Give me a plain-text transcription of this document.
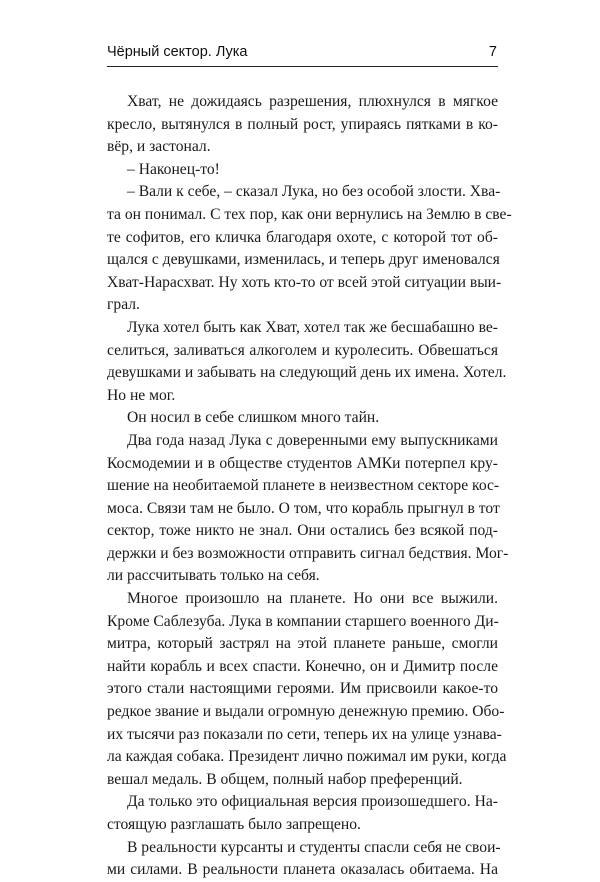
Чёрный сектор. Лука	7
Хват, не дожидаясь разрешения, плюхнулся в мягкое
кресло, вытянулся в полный рост, упираясь пятками в ко-
вёр, и застонал.
– Наконец-то!
– Вали к себе, – сказал Лука, но без особой злости. Хва-
та он понимал. С тех пор, как они вернулись на Землю в све-
те софитов, его кличка благодаря охоте, с которой тот об-
щался с девушками, изменилась, и теперь друг именовался
Хват-Нарасхват. Ну хоть кто-то от всей этой ситуации выи-
грал.
Лука хотел быть как Хват, хотел так же бесшабашно ве-
селиться, заливаться алкоголем и куролесить. Обвешаться
девушками и забывать на следующий день их имена. Хотел.
Но не мог.
Он носил в себе слишком много тайн.
Два года назад Лука с доверенными ему выпускниками
Космодемии и в обществе студентов АМКи потерпел кру-
шение на необитаемой планете в неизвестном секторе кос-
моса. Связи там не было. О том, что корабль прыгнул в тот
сектор, тоже никто не знал. Они остались без всякой под-
держки и без возможности отправить сигнал бедствия. Мог-
ли рассчитывать только на себя.
Многое произошло на планете. Но они все выжили.
Кроме Саблезуба. Лука в компании старшего военного Ди-
митра, который застрял на этой планете раньше, смогли
найти корабль и всех спасти. Конечно, он и Димитр после
этого стали настоящими героями. Им присвоили какое-то
редкое звание и выдали огромную денежную премию. Обо-
их тысячи раз показали по сети, теперь их на улице узнава-
ла каждая собака. Президент лично пожимал им руки, когда
вешал медаль. В общем, полный набор преференций.
Да только это официальная версия произошедшего. На-
стоящую разглашать было запрещено.
В реальности курсанты и студенты спасли себя не свои-
ми силами. В реальности планета оказалась обитаема. На
